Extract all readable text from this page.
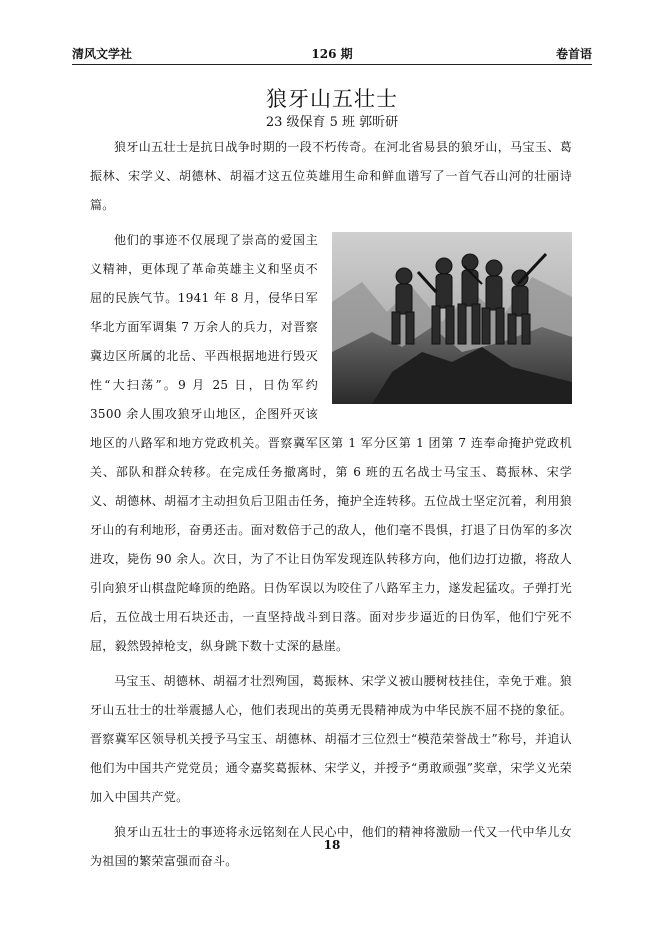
清风文学社	126 期	卷首语
狼牙山五壮士
23 级保育 5 班 郭昕研

狼牙山五壮士是抗日战争时期的一段不朽传奇。在河北省易县的狼牙山，马宝玉、葛振林、宋学义、胡德林、胡福才这五位英雄用生命和鲜血谱写了一首气吞山河的壮丽诗篇。

他们的事迹不仅展现了崇高的爱国主义精神，更体现了革命英雄主义和坚贞不屈的民族气节。1941 年 8 月，侵华日军华北方面军调集 7 万余人的兵力，对晋察冀边区所属的北岳、平西根据地进行毁灭性“大扫荡”。9 月 25 日，日伪军约 3500 余人围攻狼牙山地区，企图歼灭该地区的八路军和地方党政机关。晋察冀军区第 1 军分区第 1 团第 7 连奉命掩护党政机关、部队和群众转移。在完成任务撤离时，第 6 班的五名战士马宝玉、葛振林、宋学义、胡德林、胡福才主动担负后卫阻击任务，掩护全连转移。五位战士坚定沉着，利用狼牙山的有利地形，奋勇还击。面对数倍于己的敌人，他们毫不畏惧，打退了日伪军的多次进攻，毙伤 90 余人。次日，为了不让日伪军发现连队转移方向，他们边打边撤，将敌人引向狼牙山棋盘陀峰顶的绝路。日伪军误以为咬住了八路军主力，遂发起猛攻。子弹打光后，五位战士用石块还击，一直坚持战斗到日落。面对步步逼近的日伪军，他们宁死不屈，毅然毁掉枪支，纵身跳下数十丈深的悬崖。

马宝玉、胡德林、胡福才壮烈殉国，葛振林、宋学义被山腰树枝挂住，幸免于难。狼牙山五壮士的壮举震撼人心，他们表现出的英勇无畏精神成为中华民族不屈不挠的象征。晋察冀军区领导机关授予马宝玉、胡德林、胡福才三位烈士“模范荣誉战士”称号，并追认他们为中国共产党党员；通令嘉奖葛振林、宋学义，并授予“勇敢顽强”奖章，宋学义光荣加入中国共产党。

狼牙山五壮士的事迹将永远铭刻在人民心中，他们的精神将激励一代又一代中华儿女为祖国的繁荣富强而奋斗。

18
